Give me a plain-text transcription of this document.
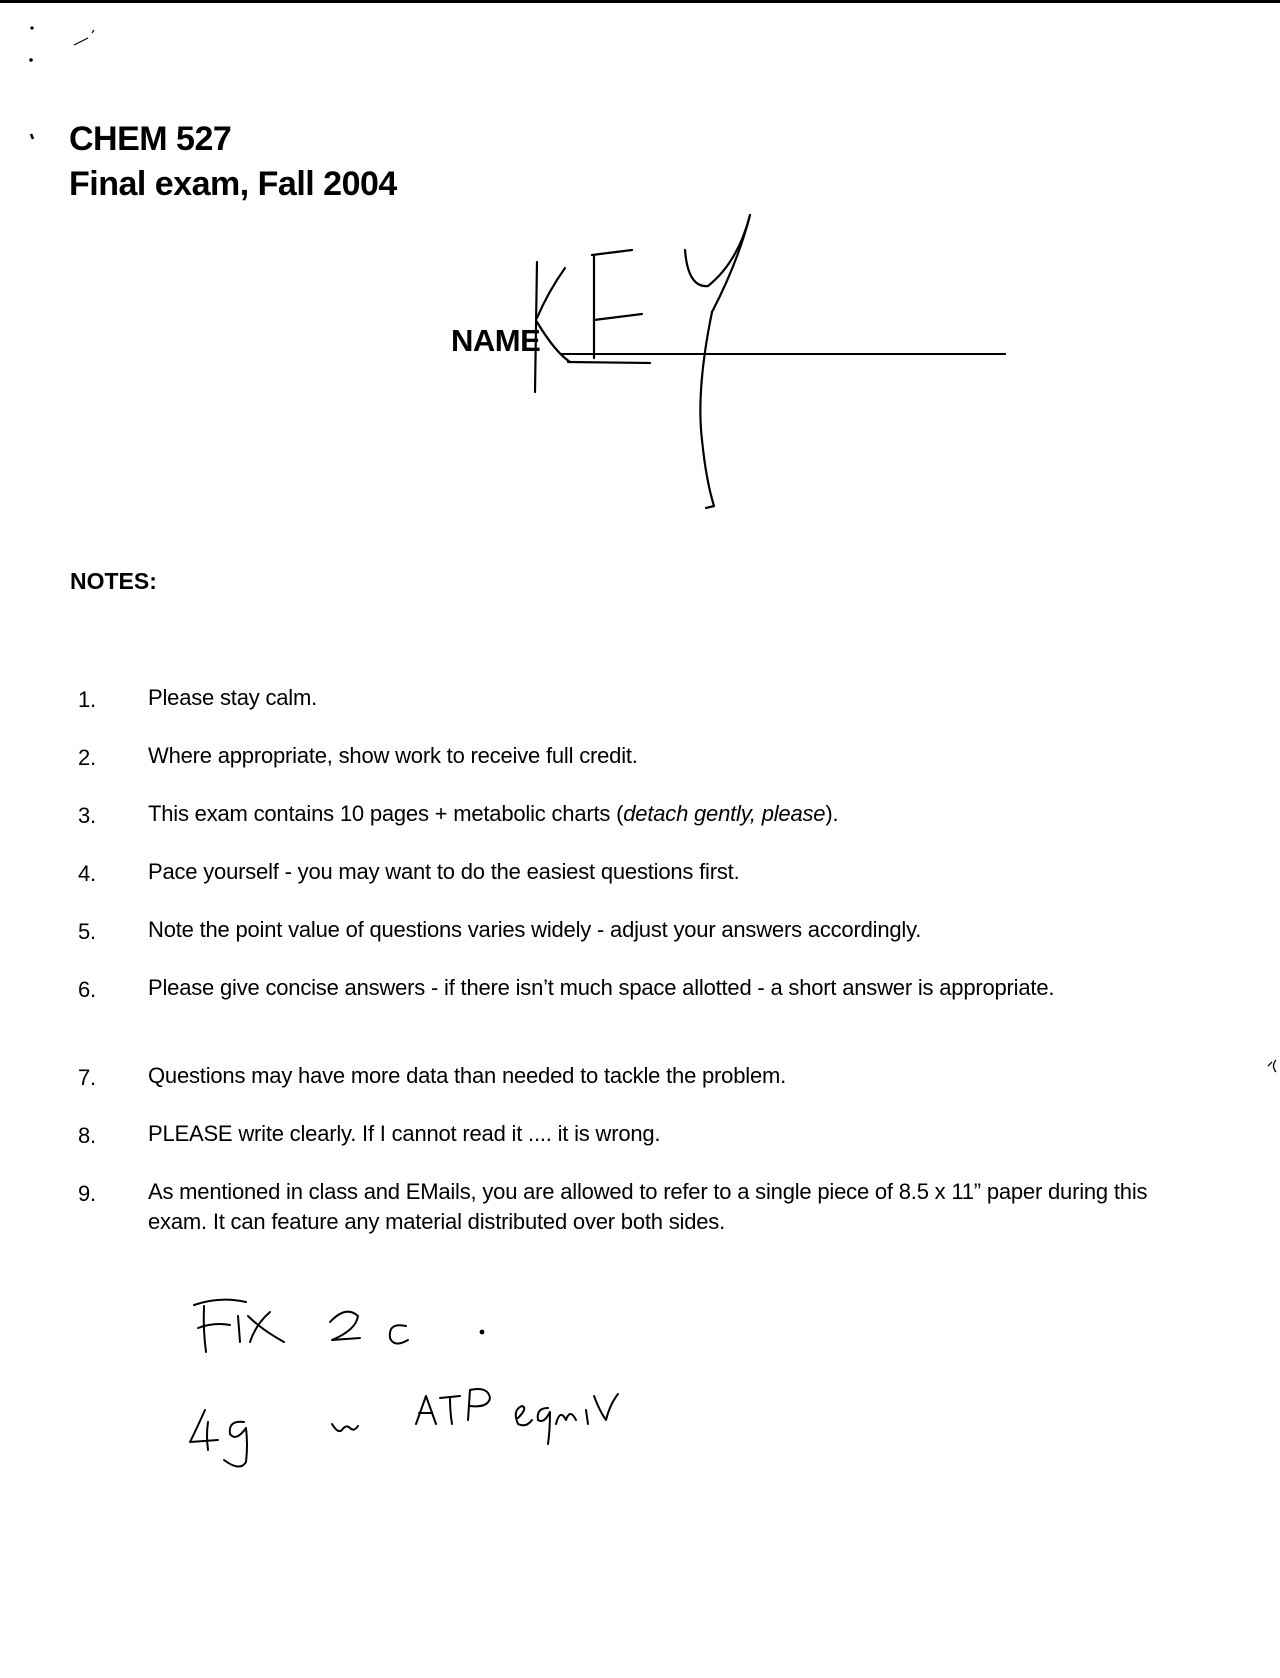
CHEM 527
Final exam, Fall 2004
NAME
NOTES:
1. Please stay calm.
2. Where appropriate, show work to receive full credit.
3. This exam contains 10 pages + metabolic charts (detach gently, please).
4. Pace yourself - you may want to do the easiest questions first.
5. Note the point value of questions varies widely - adjust your answers accordingly.
6. Please give concise answers - if there isn’t much space allotted - a short answer is appropriate.
7. Questions may have more data than needed to tackle the problem.
8. PLEASE write clearly. If I cannot read it .... it is wrong.
9. As mentioned in class and EMails, you are allowed to refer to a single piece of 8.5 x 11” paper during this exam. It can feature any material distributed over both sides.
